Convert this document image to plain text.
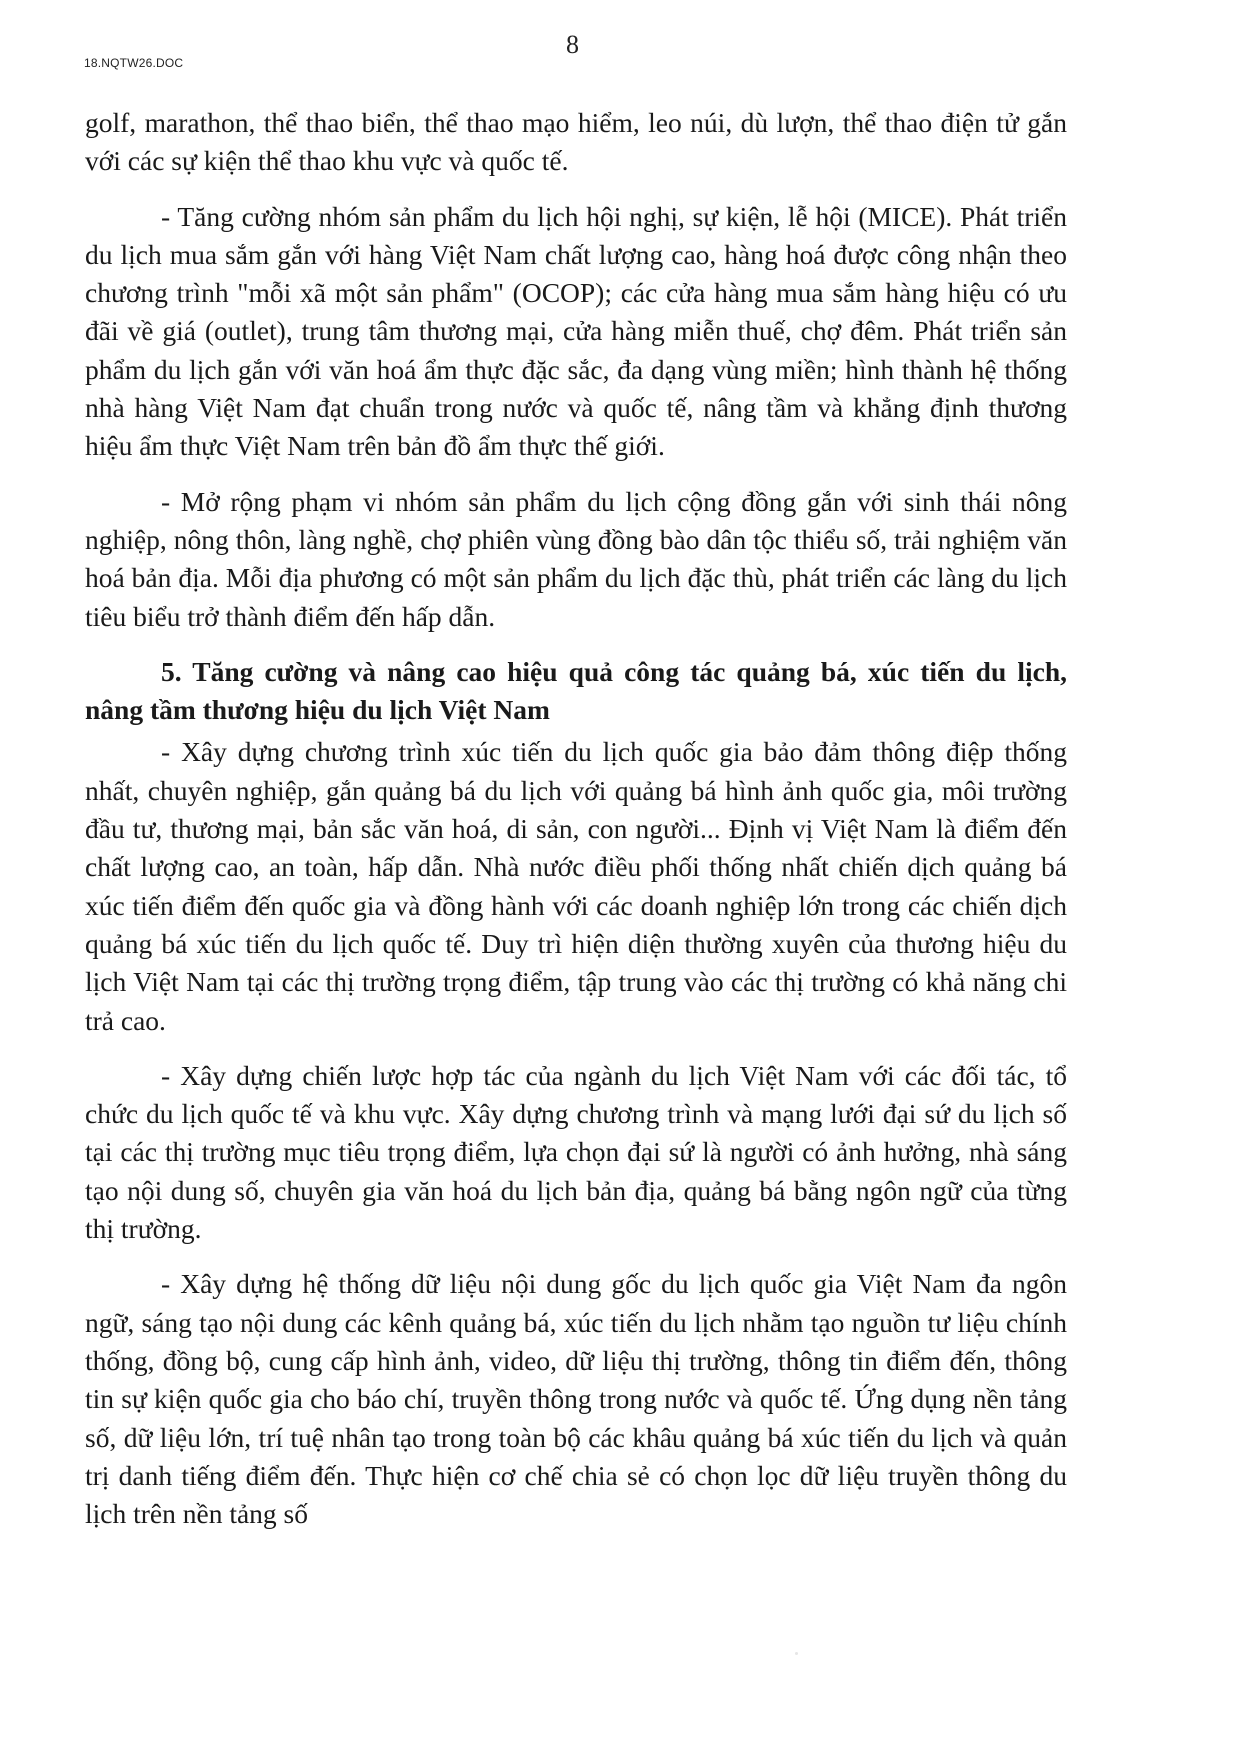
18.NQTW26.DOC
8

golf, marathon, thể thao biển, thể thao mạo hiểm, leo núi, dù lượn, thể thao điện tử gắn với các sự kiện thể thao khu vực và quốc tế.

- Tăng cường nhóm sản phẩm du lịch hội nghị, sự kiện, lễ hội (MICE). Phát triển du lịch mua sắm gắn với hàng Việt Nam chất lượng cao, hàng hoá được công nhận theo chương trình "mỗi xã một sản phẩm" (OCOP); các cửa hàng mua sắm hàng hiệu có ưu đãi về giá (outlet), trung tâm thương mại, cửa hàng miễn thuế, chợ đêm. Phát triển sản phẩm du lịch gắn với văn hoá ẩm thực đặc sắc, đa dạng vùng miền; hình thành hệ thống nhà hàng Việt Nam đạt chuẩn trong nước và quốc tế, nâng tầm và khẳng định thương hiệu ẩm thực Việt Nam trên bản đồ ẩm thực thế giới.

- Mở rộng phạm vi nhóm sản phẩm du lịch cộng đồng gắn với sinh thái nông nghiệp, nông thôn, làng nghề, chợ phiên vùng đồng bào dân tộc thiểu số, trải nghiệm văn hoá bản địa. Mỗi địa phương có một sản phẩm du lịch đặc thù, phát triển các làng du lịch tiêu biểu trở thành điểm đến hấp dẫn.

5. Tăng cường và nâng cao hiệu quả công tác quảng bá, xúc tiến du lịch, nâng tầm thương hiệu du lịch Việt Nam

- Xây dựng chương trình xúc tiến du lịch quốc gia bảo đảm thông điệp thống nhất, chuyên nghiệp, gắn quảng bá du lịch với quảng bá hình ảnh quốc gia, môi trường đầu tư, thương mại, bản sắc văn hoá, di sản, con người... Định vị Việt Nam là điểm đến chất lượng cao, an toàn, hấp dẫn. Nhà nước điều phối thống nhất chiến dịch quảng bá xúc tiến điểm đến quốc gia và đồng hành với các doanh nghiệp lớn trong các chiến dịch quảng bá xúc tiến du lịch quốc tế. Duy trì hiện diện thường xuyên của thương hiệu du lịch Việt Nam tại các thị trường trọng điểm, tập trung vào các thị trường có khả năng chi trả cao.

- Xây dựng chiến lược hợp tác của ngành du lịch Việt Nam với các đối tác, tổ chức du lịch quốc tế và khu vực. Xây dựng chương trình và mạng lưới đại sứ du lịch số tại các thị trường mục tiêu trọng điểm, lựa chọn đại sứ là người có ảnh hưởng, nhà sáng tạo nội dung số, chuyên gia văn hoá du lịch bản địa, quảng bá bằng ngôn ngữ của từng thị trường.

- Xây dựng hệ thống dữ liệu nội dung gốc du lịch quốc gia Việt Nam đa ngôn ngữ, sáng tạo nội dung các kênh quảng bá, xúc tiến du lịch nhằm tạo nguồn tư liệu chính thống, đồng bộ, cung cấp hình ảnh, video, dữ liệu thị trường, thông tin điểm đến, thông tin sự kiện quốc gia cho báo chí, truyền thông trong nước và quốc tế. Ứng dụng nền tảng số, dữ liệu lớn, trí tuệ nhân tạo trong toàn bộ các khâu quảng bá xúc tiến du lịch và quản trị danh tiếng điểm đến. Thực hiện cơ chế chia sẻ có chọn lọc dữ liệu truyền thông du lịch trên nền tảng số
